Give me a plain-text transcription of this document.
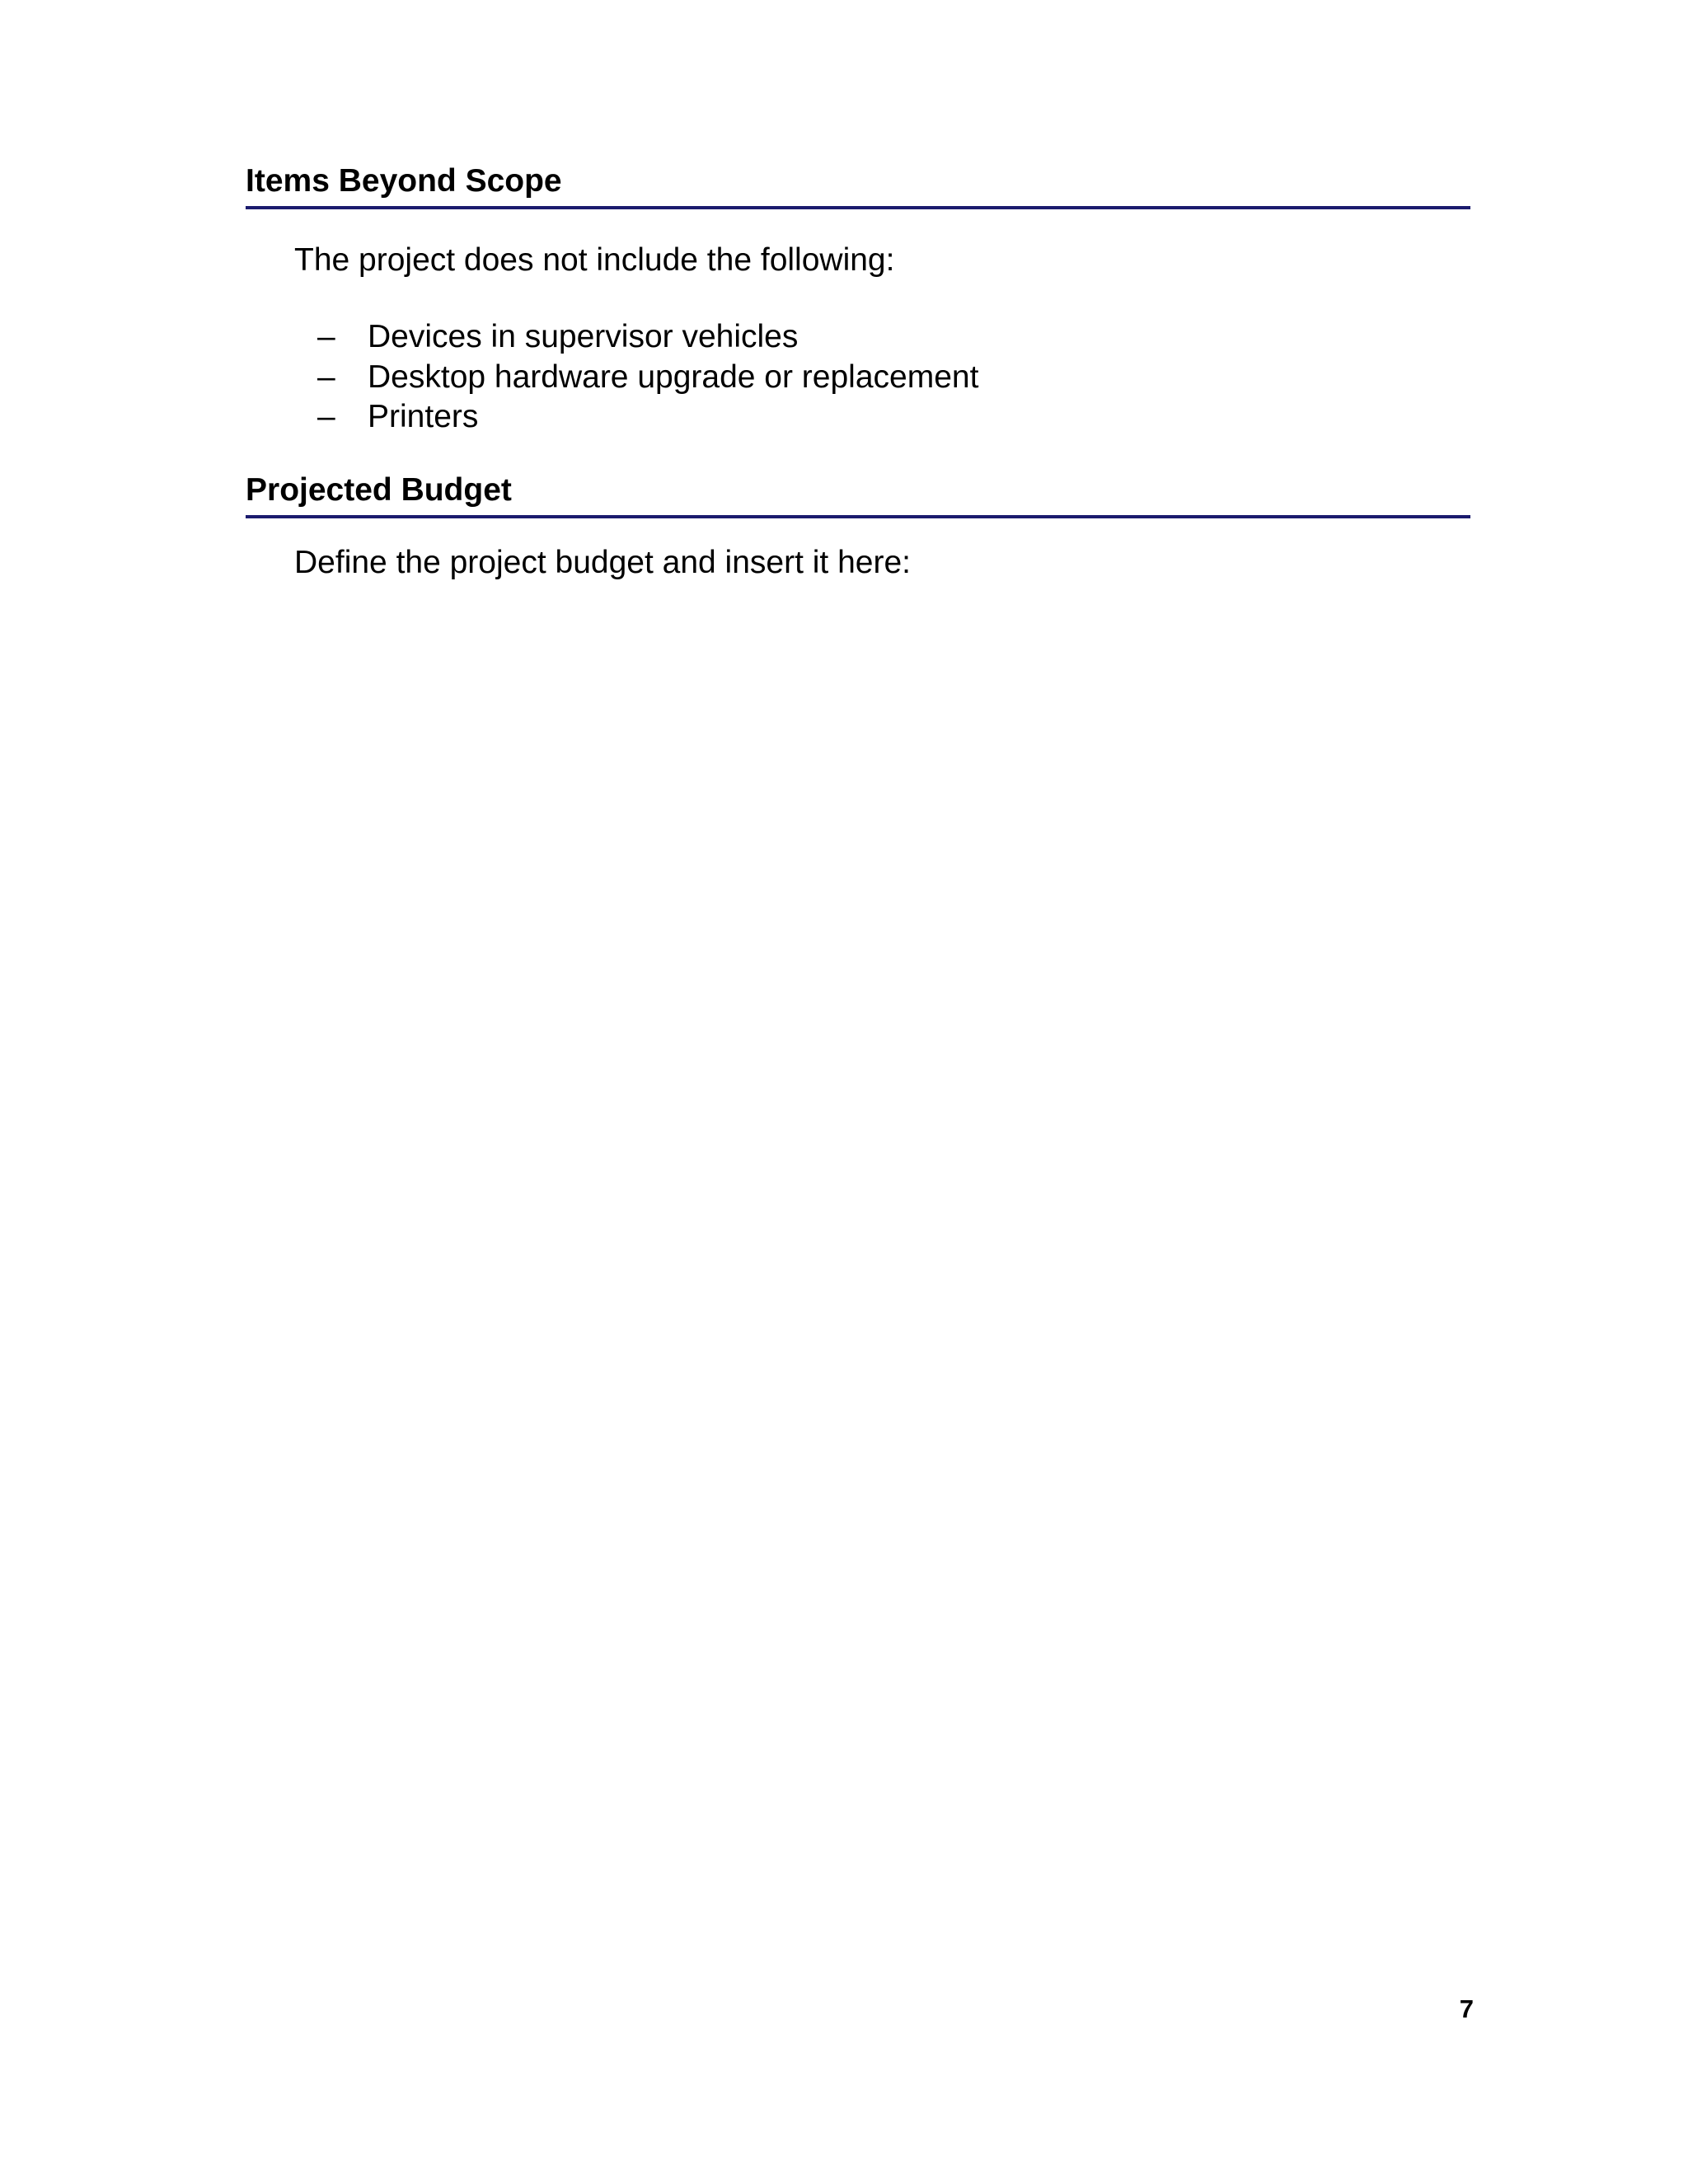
Items Beyond Scope

The project does not include the following:

–	Devices in supervisor vehicles
–	Desktop hardware upgrade or replacement
–	Printers
Projected Budget

Define the project budget and insert it here:

7
